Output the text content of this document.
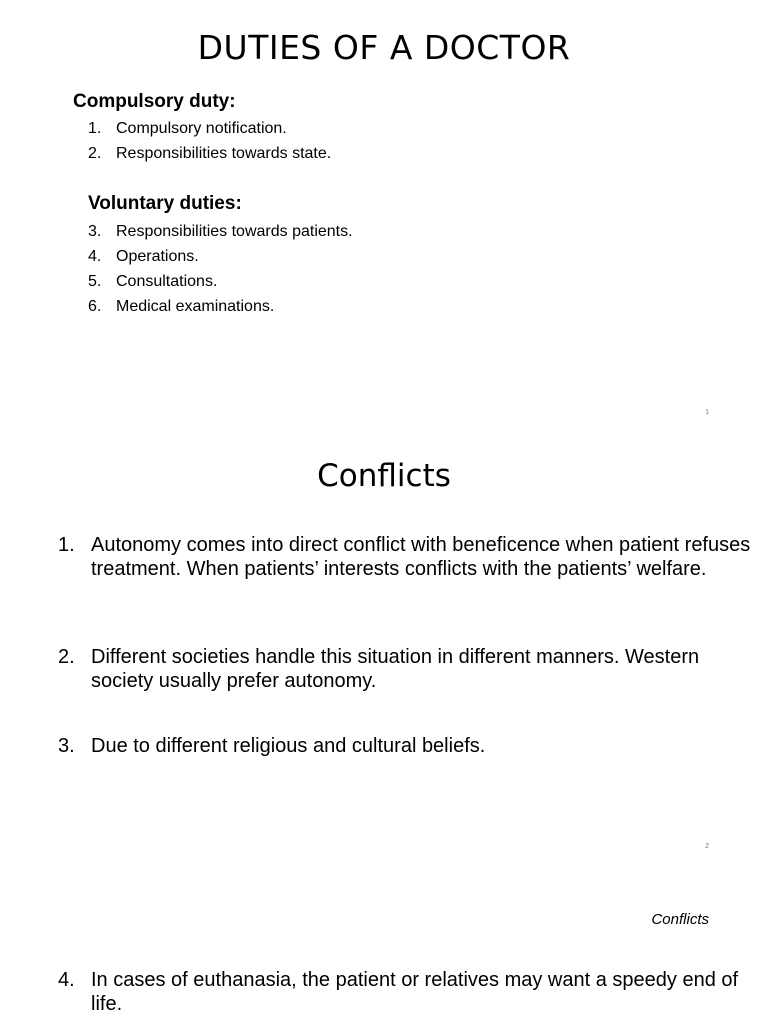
DUTIES OF A DOCTOR
Compulsory duty:
1. Compulsory notification.
2. Responsibilities towards state.
Voluntary duties:
3. Responsibilities towards patients.
4. Operations.
5. Consultations.
6. Medical examinations.
1
Conflicts
1. Autonomy comes into direct conflict with beneficence when patient refuses treatment. When patients’ interests conflicts with the patients’ welfare.
2. Different societies handle this situation in different manners. Western society usually prefer autonomy.
3. Due to different religious and cultural beliefs.
2
Conflicts
4. In cases of euthanasia, the patient or relatives may want a speedy end of life.
